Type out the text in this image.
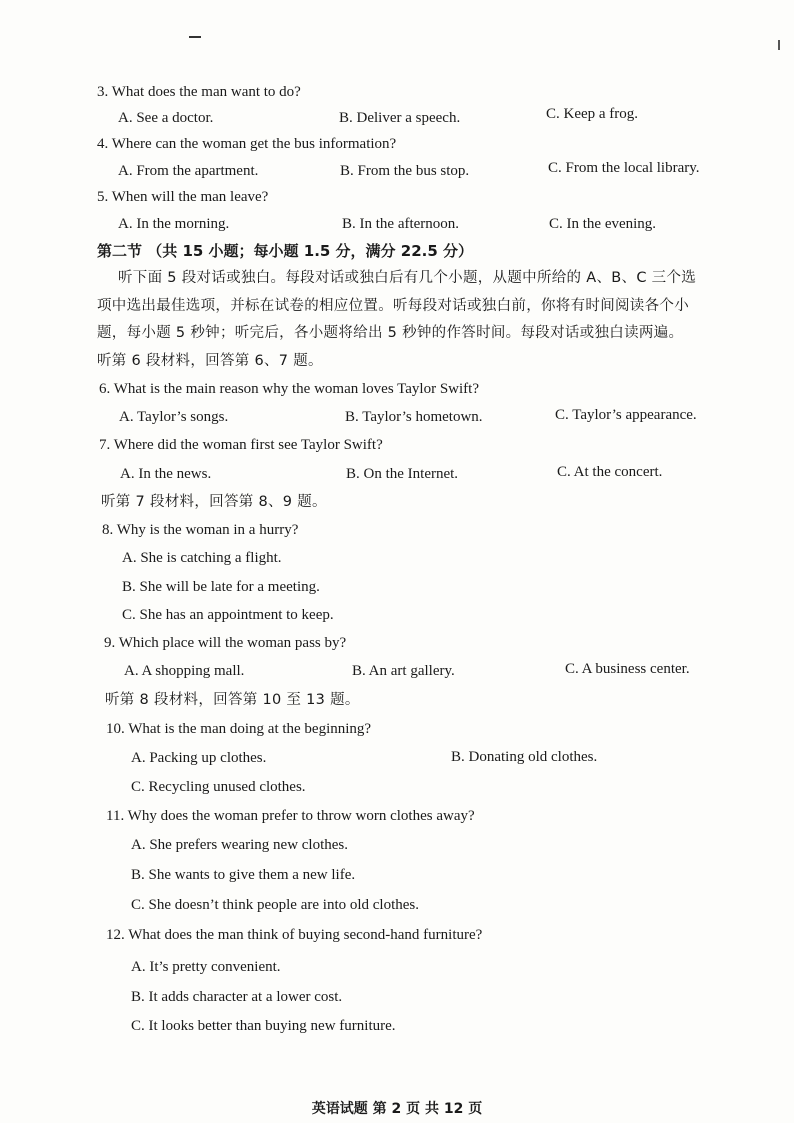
3. What does the man want to do?
A. See a doctor.	B. Deliver a speech.	C. Keep a frog.
4. Where can the woman get the bus information?
A. From the apartment.	B. From the bus stop.	C. From the local library.
5. When will the man leave?
A. In the morning.	B. In the afternoon.	C. In the evening.
第二节 （共 15 小题；每小题 1.5 分，满分 22.5 分）
听下面 5 段对话或独白。每段对话或独白后有几个小题，从题中所给的 A、B、C 三个选
项中选出最佳选项，并标在试卷的相应位置。听每段对话或独白前，你将有时间阅读各个小
题，每小题 5 秒钟；听完后，各小题将给出 5 秒钟的作答时间。每段对话或独白读两遍。
听第 6 段材料，回答第 6、7 题。
6. What is the main reason why the woman loves Taylor Swift?
A. Taylor’s songs.	B. Taylor’s hometown.	C. Taylor’s appearance.
7. Where did the woman first see Taylor Swift?
A. In the news.	B. On the Internet.	C. At the concert.
听第 7 段材料，回答第 8、9 题。
8. Why is the woman in a hurry?
A. She is catching a flight.
B. She will be late for a meeting.
C. She has an appointment to keep.
9. Which place will the woman pass by?
A. A shopping mall.	B. An art gallery.	C. A business center.
听第 8 段材料，回答第 10 至 13 题。
10. What is the man doing at the beginning?
A. Packing up clothes.	B. Donating old clothes.
C. Recycling unused clothes.
11. Why does the woman prefer to throw worn clothes away?
A. She prefers wearing new clothes.
B. She wants to give them a new life.
C. She doesn’t think people are into old clothes.
12. What does the man think of buying second-hand furniture?
A. It’s pretty convenient.
B. It adds character at a lower cost.
C. It looks better than buying new furniture.
英语试题 第 2 页 共 12 页
